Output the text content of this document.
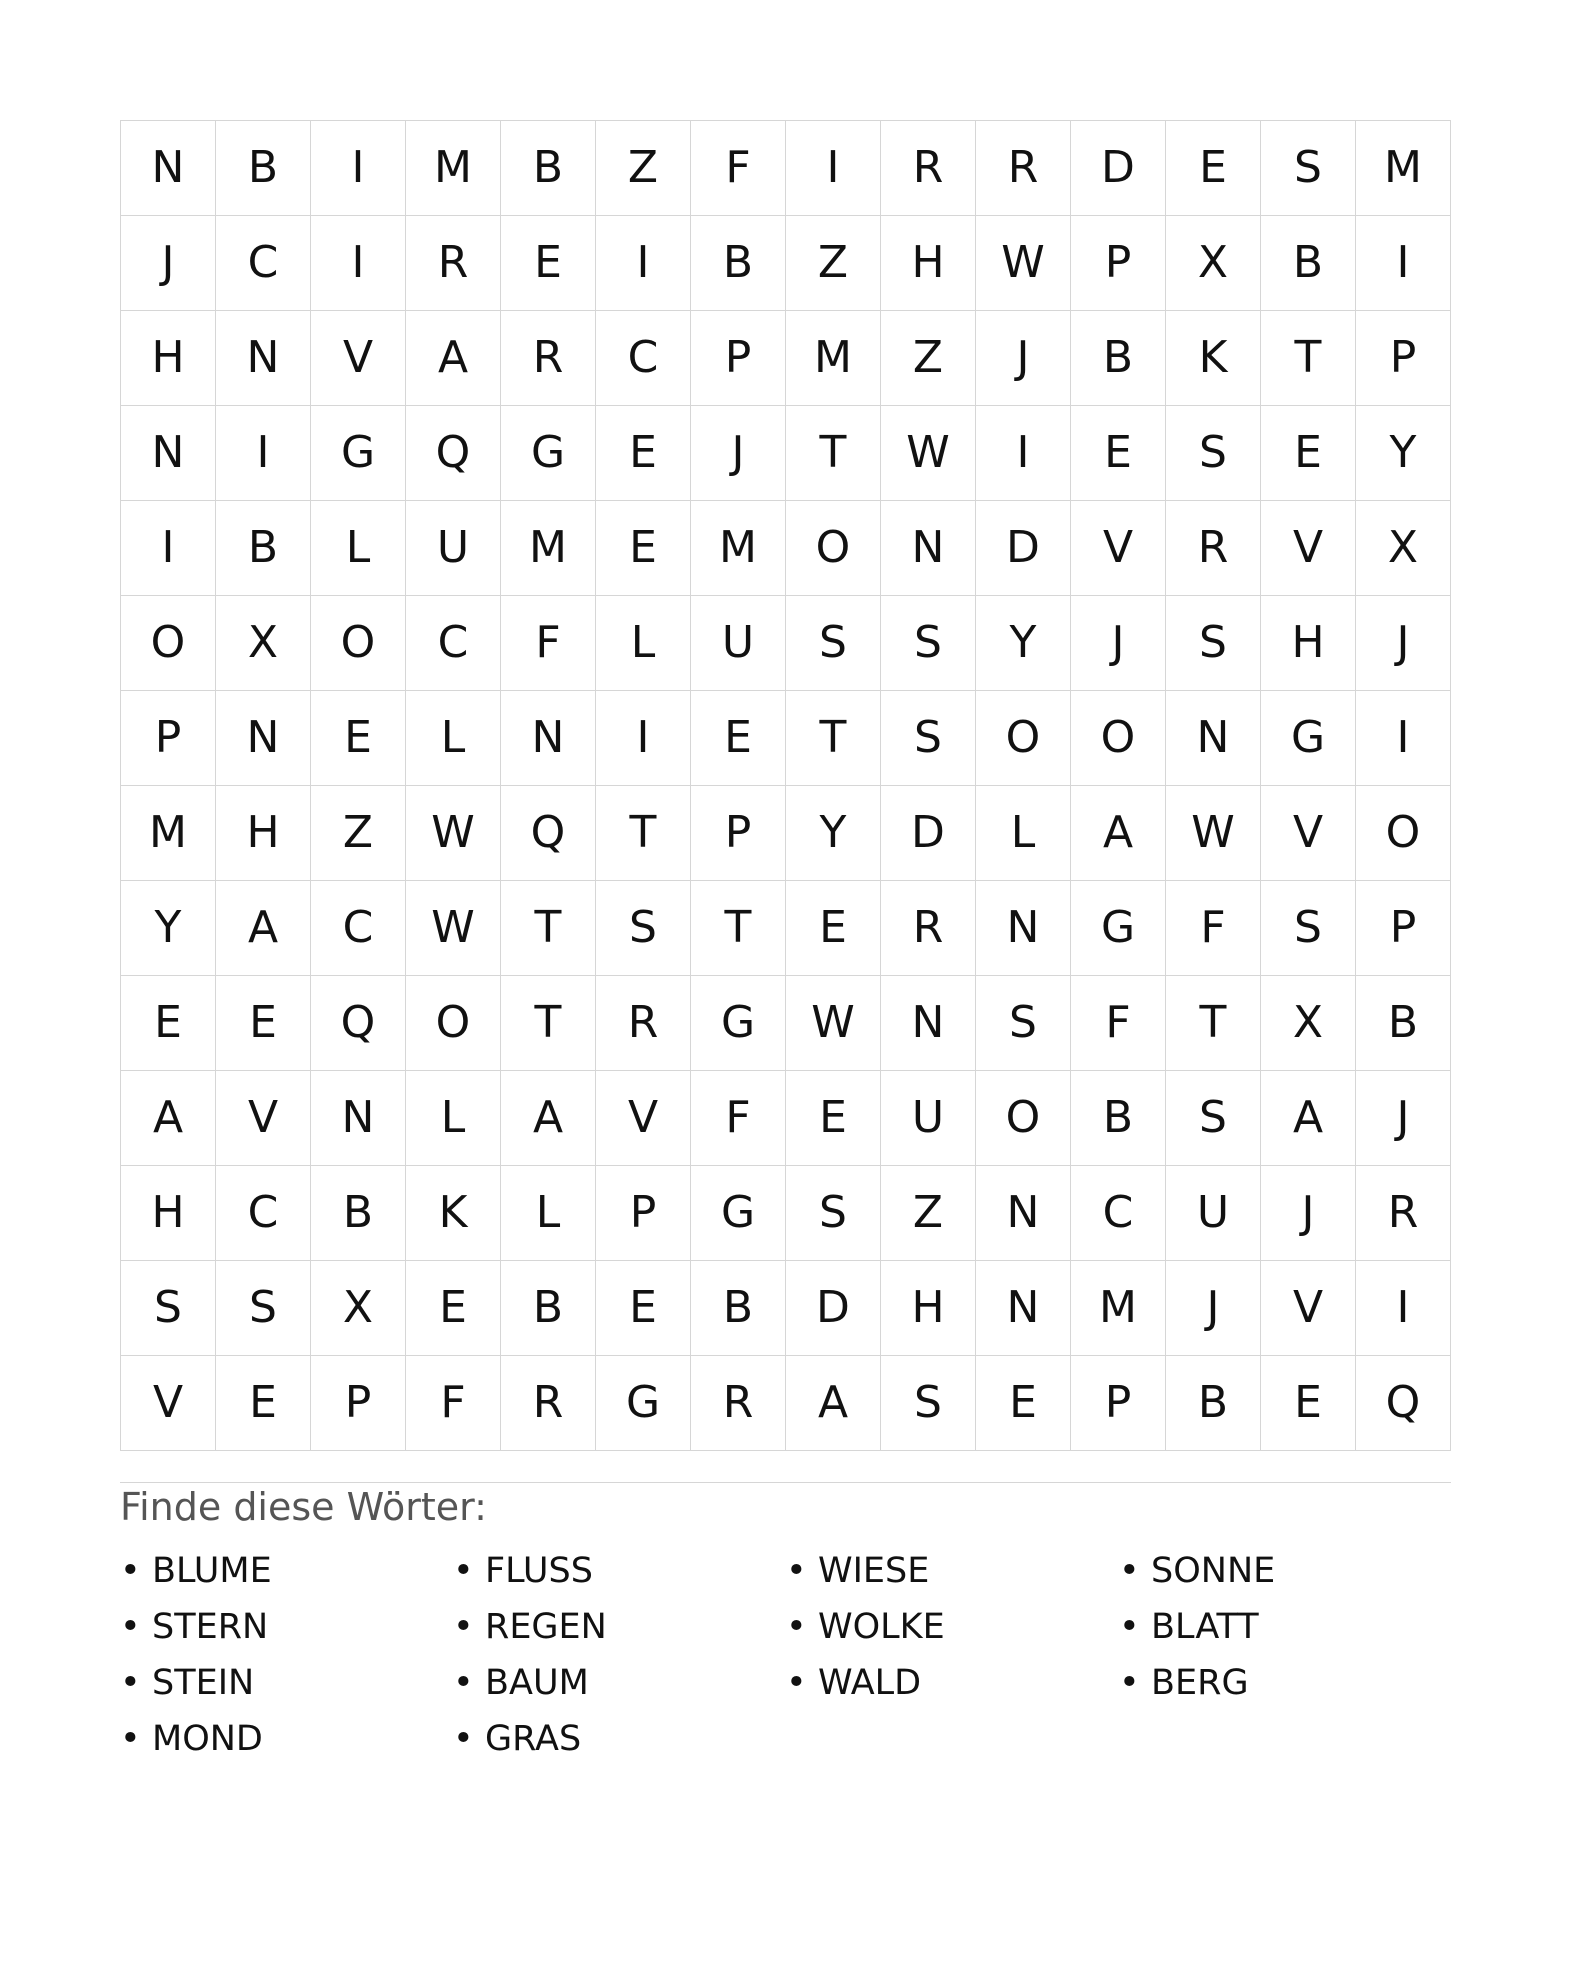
N	B	I	M	B	Z	F	I	R	R	D	E	S	M
J	C	I	R	E	I	B	Z	H	W	P	X	B	I
H	N	V	A	R	C	P	M	Z	J	B	K	T	P
N	I	G	Q	G	E	J	T	W	I	E	S	E	Y
I	B	L	U	M	E	M	O	N	D	V	R	V	X
O	X	O	C	F	L	U	S	S	Y	J	S	H	J
P	N	E	L	N	I	E	T	S	O	O	N	G	I
M	H	Z	W	Q	T	P	Y	D	L	A	W	V	O
Y	A	C	W	T	S	T	E	R	N	G	F	S	P
E	E	Q	O	T	R	G	W	N	S	F	T	X	B
A	V	N	L	A	V	F	E	U	O	B	S	A	J
H	C	B	K	L	P	G	S	Z	N	C	U	J	R
S	S	X	E	B	E	B	D	H	N	M	J	V	I
V	E	P	F	R	G	R	A	S	E	P	B	E	Q
Finde diese Wörter:
• BLUME	• FLUSS	• WIESE	• SONNE
• STERN	• REGEN	• WOLKE	• BLATT
• STEIN	• BAUM	• WALD	• BERG
• MOND	• GRAS
